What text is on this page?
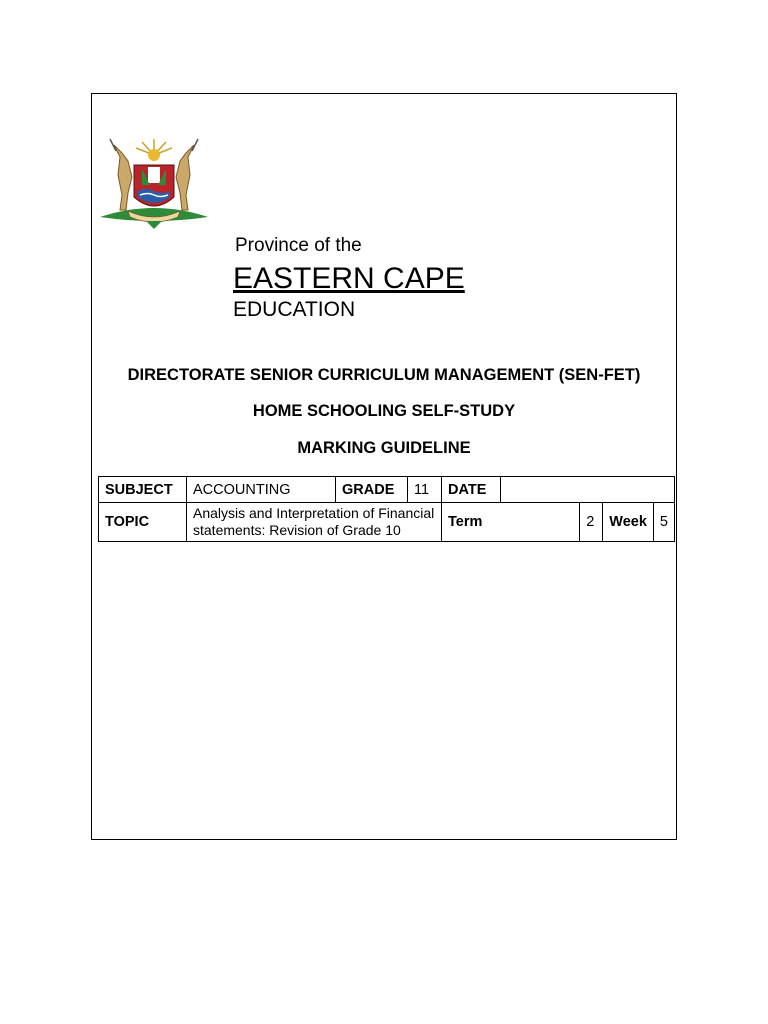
Province of the
EASTERN CAPE
EDUCATION
DIRECTORATE SENIOR CURRICULUM MANAGEMENT (SEN-FET)
HOME SCHOOLING SELF-STUDY
MARKING GUIDELINE
SUBJECT	ACCOUNTING	GRADE	11	DATE				
TOPIC	Analysis and Interpretation of Financial statements: Revision of Grade 10			Term		2	Week	5
